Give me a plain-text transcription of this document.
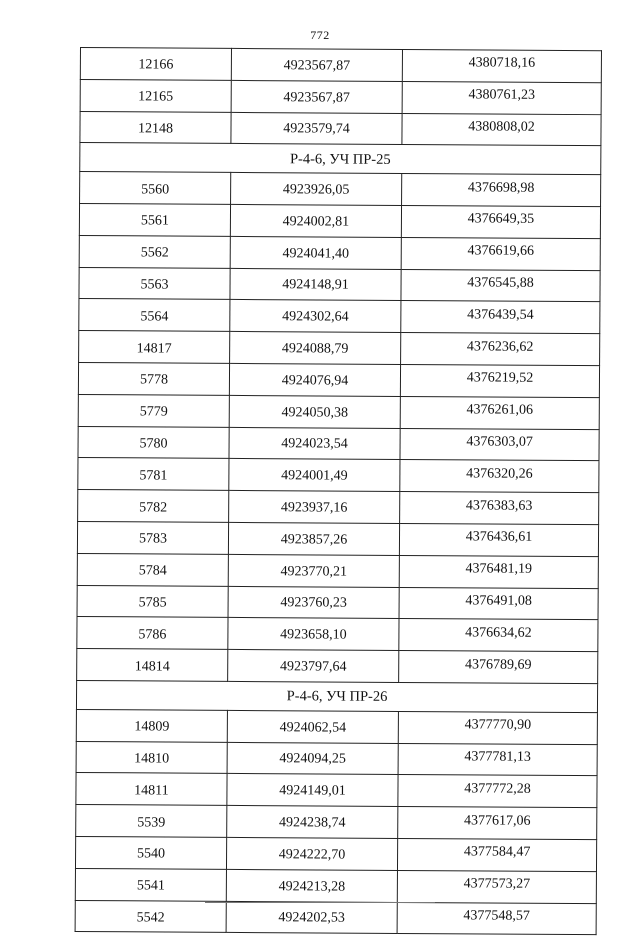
772
12166	4923567,87	4380718,16
12165	4923567,87	4380761,23
12148	4923579,74	4380808,02
Р-4-6, УЧ ПР-25		
5560	4923926,05	4376698,98
5561	4924002,81	4376649,35
5562	4924041,40	4376619,66
5563	4924148,91	4376545,88
5564	4924302,64	4376439,54
14817	4924088,79	4376236,62
5778	4924076,94	4376219,52
5779	4924050,38	4376261,06
5780	4924023,54	4376303,07
5781	4924001,49	4376320,26
5782	4923937,16	4376383,63
5783	4923857,26	4376436,61
5784	4923770,21	4376481,19
5785	4923760,23	4376491,08
5786	4923658,10	4376634,62
14814	4923797,64	4376789,69
Р-4-6, УЧ ПР-26		
14809	4924062,54	4377770,90
14810	4924094,25	4377781,13
14811	4924149,01	4377772,28
5539	4924238,74	4377617,06
5540	4924222,70	4377584,47
5541	4924213,28	4377573,27
5542	4924202,53	4377548,57
